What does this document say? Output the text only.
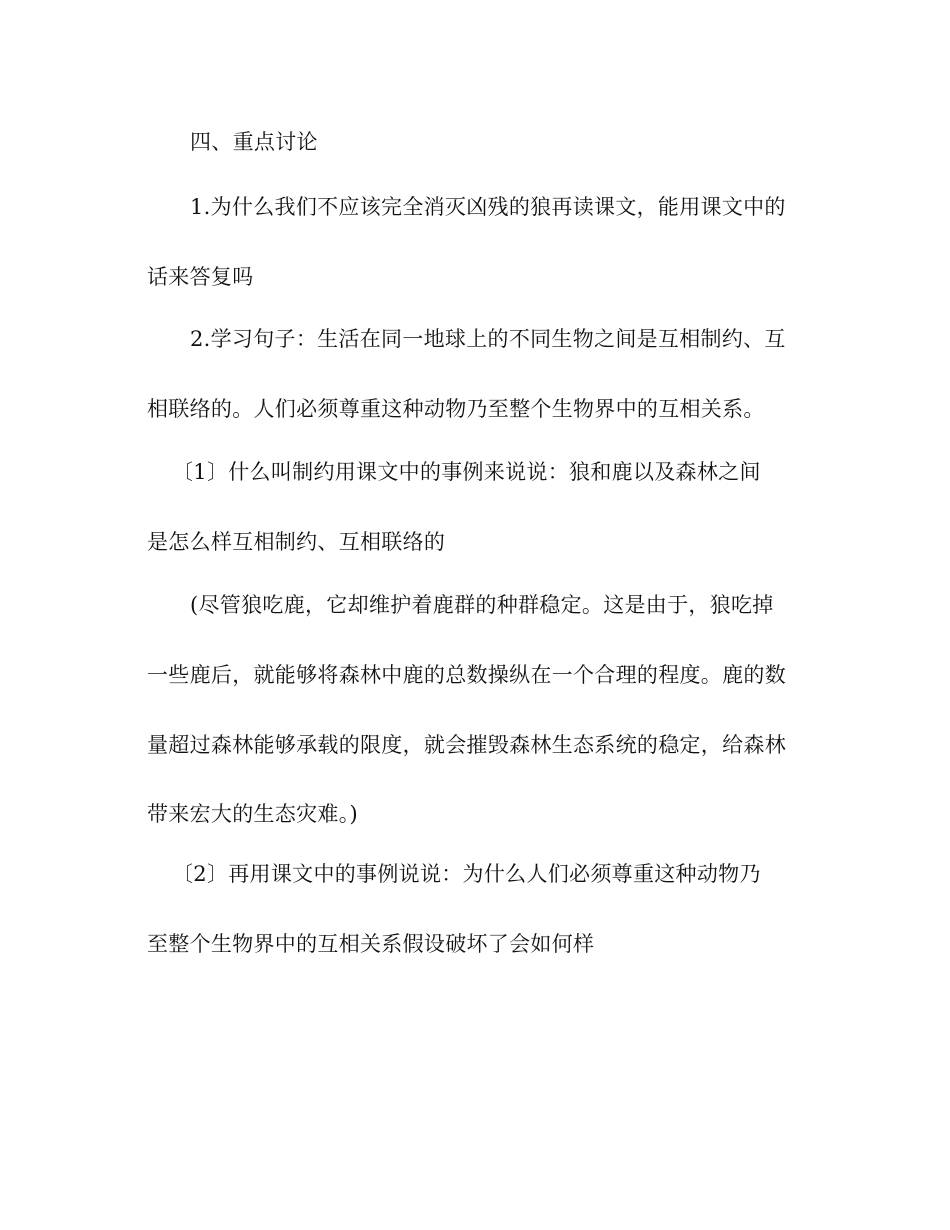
四、重点讨论
1.为什么我们不应该完全消灭凶残的狼再读课文，能用课文中的
话来答复吗
2.学习句子：生活在同一地球上的不同生物之间是互相制约、互
相联络的。人们必须尊重这种动物乃至整个生物界中的互相关系。
〔1〕什么叫制约用课文中的事例来说说：狼和鹿以及森林之间
是怎么样互相制约、互相联络的
(尽管狼吃鹿，它却维护着鹿群的种群稳定。这是由于，狼吃掉
一些鹿后，就能够将森林中鹿的总数操纵在一个合理的程度。鹿的数
量超过森林能够承载的限度，就会摧毁森林生态系统的稳定，给森林
带来宏大的生态灾难。)
〔2〕再用课文中的事例说说：为什么人们必须尊重这种动物乃
至整个生物界中的互相关系假设破坏了会如何样
